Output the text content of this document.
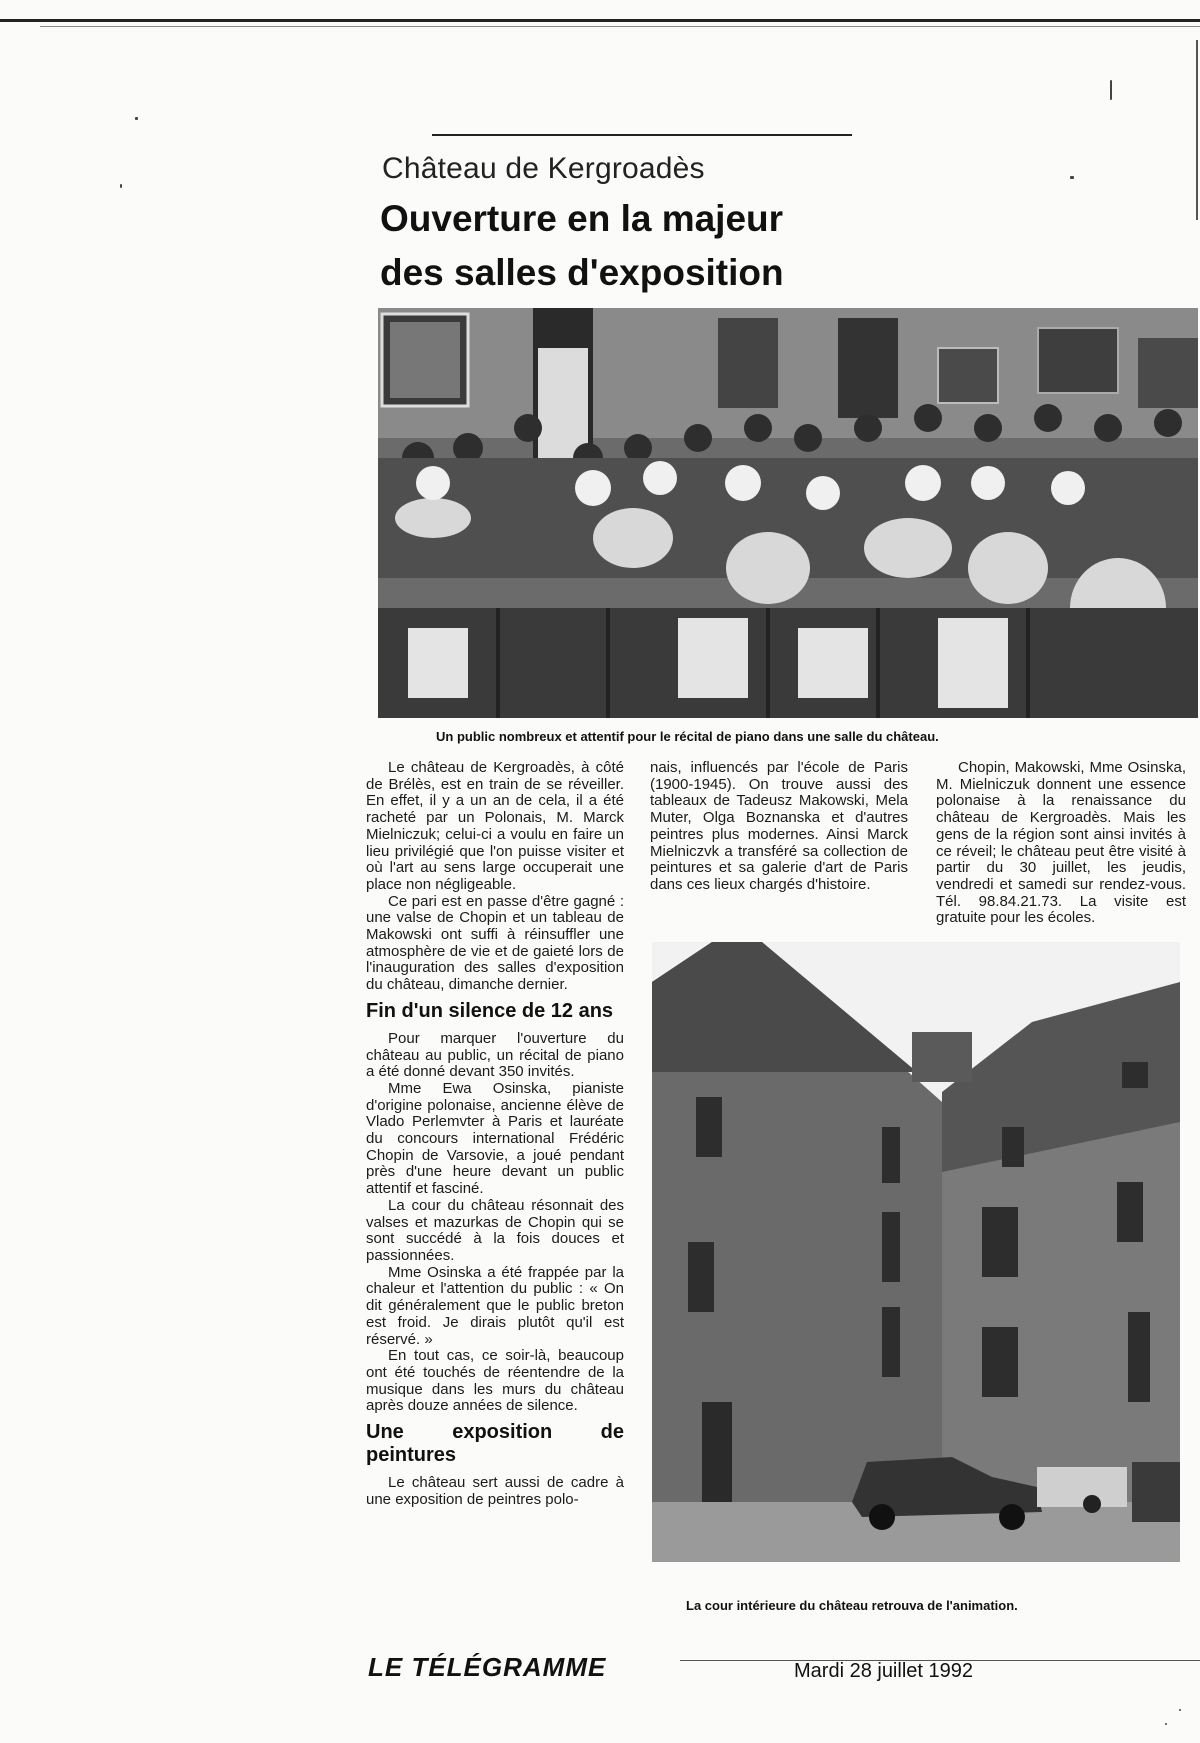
Château de Kergroadès
Ouverture en la majeur
des salles d'exposition
Un public nombreux et attentif pour le récital de piano dans une salle du château.

Le château de Kergroadès, à côté de Brélès, est en train de se réveiller. En effet, il y a un an de cela, il a été racheté par un Polonais, M. Marck Mielniczuk; celui-ci a voulu en faire un lieu privilégié que l'on puisse visiter et où l'art au sens large occuperait une place non négligeable.

Ce pari est en passe d'être gagné : une valse de Chopin et un tableau de Makowski ont suffi à réinsuffler une atmosphère de vie et de gaieté lors de l'inauguration des salles d'exposition du château, dimanche dernier.

Fin d'un silence de 12 ans

Pour marquer l'ouverture du château au public, un récital de piano a été donné devant 350 invités.

Mme Ewa Osinska, pianiste d'origine polonaise, ancienne élève de Vlado Perlemvter à Paris et lauréate du concours international Frédéric Chopin de Varsovie, a joué pendant près d'une heure devant un public attentif et fasciné.

La cour du château résonnait des valses et mazurkas de Chopin qui se sont succédé à la fois douces et passionnées.

Mme Osinska a été frappée par la chaleur et l'attention du public : « On dit généralement que le public breton est froid. Je dirais plutôt qu'il est réservé. »

En tout cas, ce soir-là, beaucoup ont été touchés de réentendre de la musique dans les murs du château après douze années de silence.

Une exposition de peintures

Le château sert aussi de cadre à une exposition de peintres polo-

nais, influencés par l'école de Paris (1900-1945). On trouve aussi des tableaux de Tadeusz Makowski, Mela Muter, Olga Boznanska et d'autres peintres plus modernes. Ainsi Marck Mielniczvk a transféré sa collection de peintures et sa galerie d'art de Paris dans ces lieux chargés d'histoire.

Chopin, Makowski, Mme Osinska, M. Mielniczuk donnent une essence polonaise à la renaissance du château de Kergroadès. Mais les gens de la région sont ainsi invités à ce réveil; le château peut être visité à partir du 30 juillet, les jeudis, vendredi et samedi sur rendez-vous. Tél. 98.84.21.73. La visite est gratuite pour les écoles.

La cour intérieure du château retrouva de l'animation.
LE TÉLÉGRAMME	Mardi 28 juillet 1992
